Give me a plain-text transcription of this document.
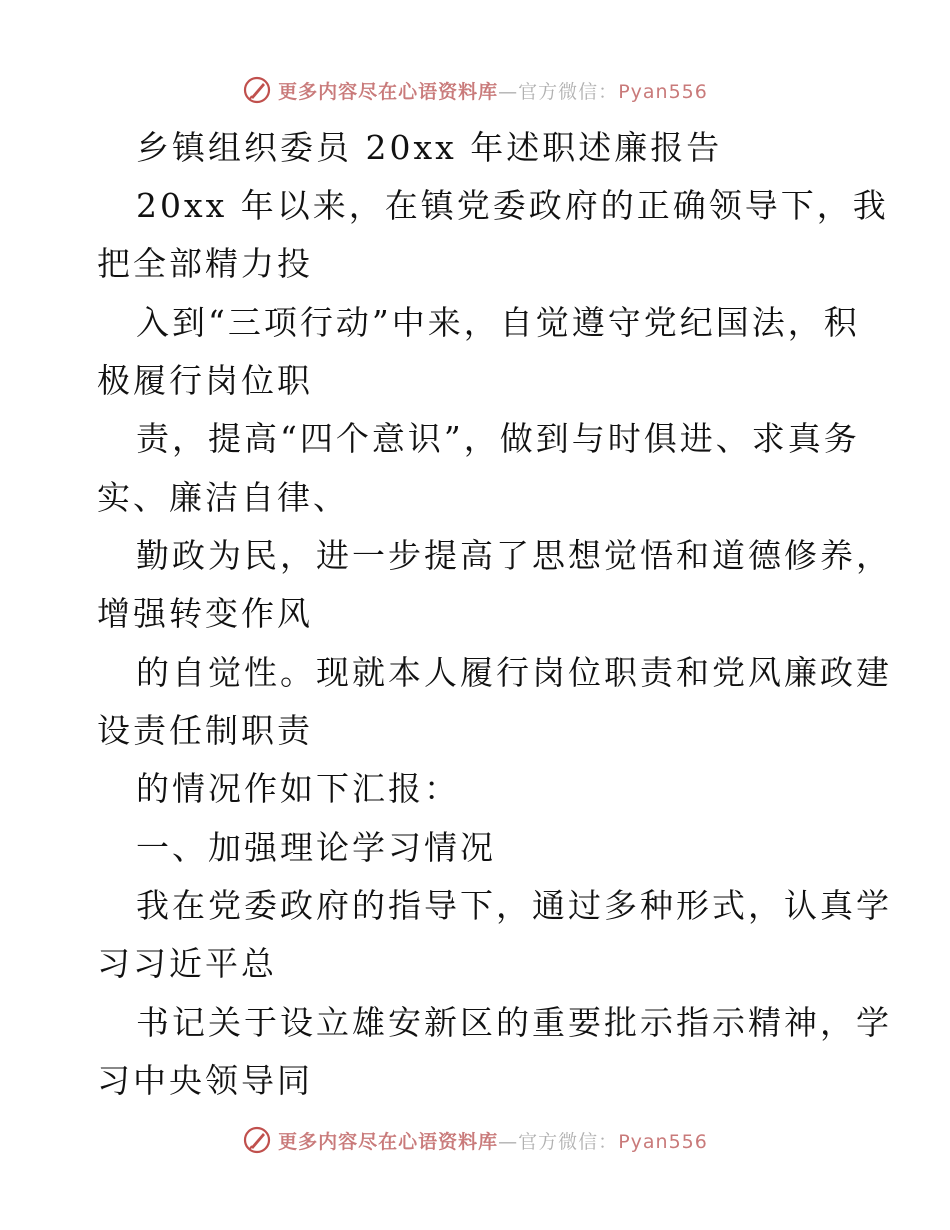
更多内容尽在心语资料库—官方微信：Pyan556
乡镇组织委员 20xx 年述职述廉报告
20xx 年以来，在镇党委政府的正确领导下，我
把全部精力投
入到“三项行动”中来，自觉遵守党纪国法，积
极履行岗位职
责，提高“四个意识”，做到与时俱进、求真务
实、廉洁自律、
勤政为民，进一步提高了思想觉悟和道德修养，
增强转变作风
的自觉性。现就本人履行岗位职责和党风廉政建
设责任制职责
的情况作如下汇报：
一、加强理论学习情况
我在党委政府的指导下，通过多种形式，认真学
习习近平总
书记关于设立雄安新区的重要批示指示精神，学
习中央领导同
更多内容尽在心语资料库—官方微信：Pyan556
